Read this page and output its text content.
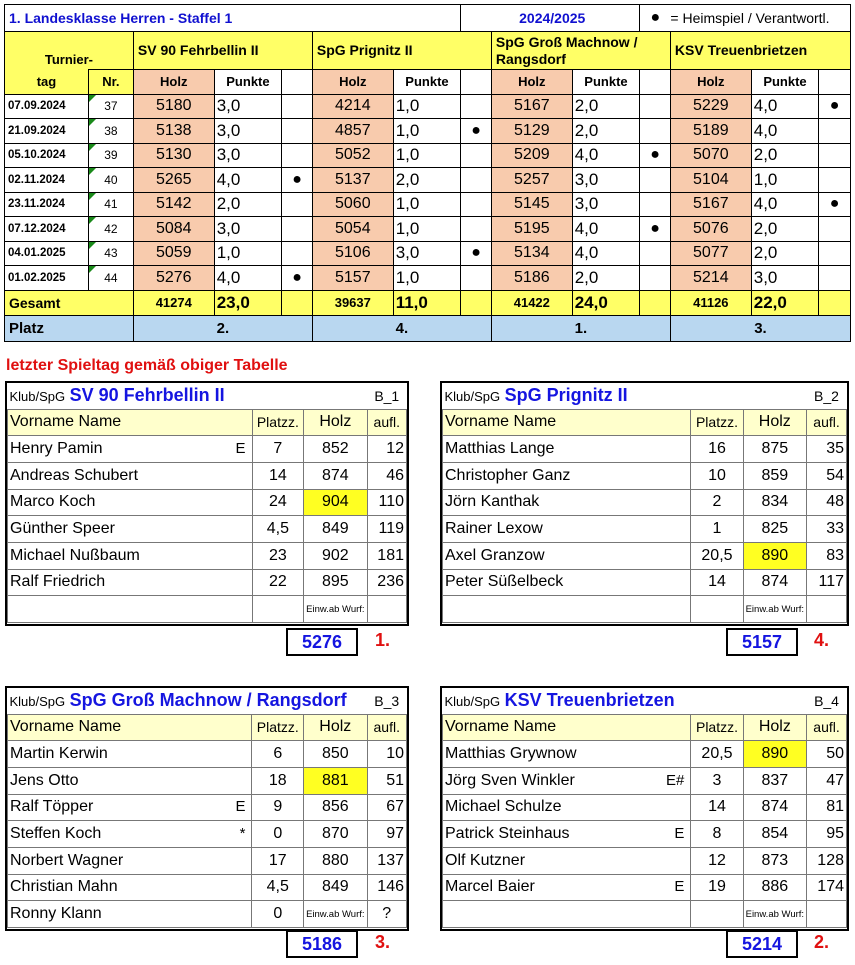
1. Landesklasse Herren - Staffel 1							2024/2025			●	= Heimspiel / Verantwortl.		
Turnier-		SV 90 Fehrbellin II			SpG Prignitz II			SpG Groß Machnow / Rangsdorf			KSV Treuenbrietzen		
tag	Nr.	Holz	Punkte		Holz	Punkte		Holz	Punkte		Holz	Punkte	
07.09.2024	37	5180	3,0		4214	1,0		5167	2,0		5229	4,0	●
21.09.2024	38	5138	3,0		4857	1,0	●	5129	2,0		5189	4,0	
05.10.2024	39	5130	3,0		5052	1,0		5209	4,0	●	5070	2,0	
02.11.2024	40	5265	4,0	●	5137	2,0		5257	3,0		5104	1,0	
23.11.2024	41	5142	2,0		5060	1,0		5145	3,0		5167	4,0	●
07.12.2024	42	5084	3,0		5054	1,0		5195	4,0	●	5076	2,0	
04.01.2025	43	5059	1,0		5106	3,0	●	5134	4,0		5077	2,0	
01.02.2025	44	5276	4,0	●	5157	1,0		5186	2,0		5214	3,0	
Gesamt		41274	23,0		39637	11,0		41422	24,0		41126	22,0	
Platz		2.			4.			1.			3.		
letzter Spieltag gemäß obiger Tabelle
Klub/SpG SV 90 Fehrbellin II			B_1
Vorname Name	Platzz.	Holz	aufl.
Henry Pamin E	7	852	12
Andreas Schubert	14	874	46
Marco Koch	24	904	110
Günther Speer	4,5	849	119
Michael Nußbaum	23	902	181
Ralf Friedrich	22	895	236
		Einw.ab Wurf:	
Klub/SpG SpG Prignitz II			B_2
Vorname Name	Platzz.	Holz	aufl.
Matthias Lange	16	875	35
Christopher Ganz	10	859	54
Jörn Kanthak	2	834	48
Rainer Lexow	1	825	33
Axel Granzow	20,5	890	83
Peter Süßelbeck	14	874	117
		Einw.ab Wurf:	
Klub/SpG SpG Groß Machnow / Rangsdorf			B_3
Vorname Name	Platzz.	Holz	aufl.
Martin Kerwin	6	850	10
Jens Otto	18	881	51
Ralf Töpper E	9	856	67
Steffen Koch *	0	870	97
Norbert Wagner	17	880	137
Christian Mahn	4,5	849	146
Ronny Klann	0	Einw.ab Wurf:	?
Klub/SpG KSV Treuenbrietzen			B_4
Vorname Name	Platzz.	Holz	aufl.
Matthias Grywnow	20,5	890	50
Jörg Sven Winkler E#	3	837	47
Michael Schulze	14	874	81
Patrick Steinhaus E	8	854	95
Olf Kutzner	12	873	128
Marcel Baier E	19	886	174
		Einw.ab Wurf:	
5276	1.	5157	4.
5186	3.	5214	2.
